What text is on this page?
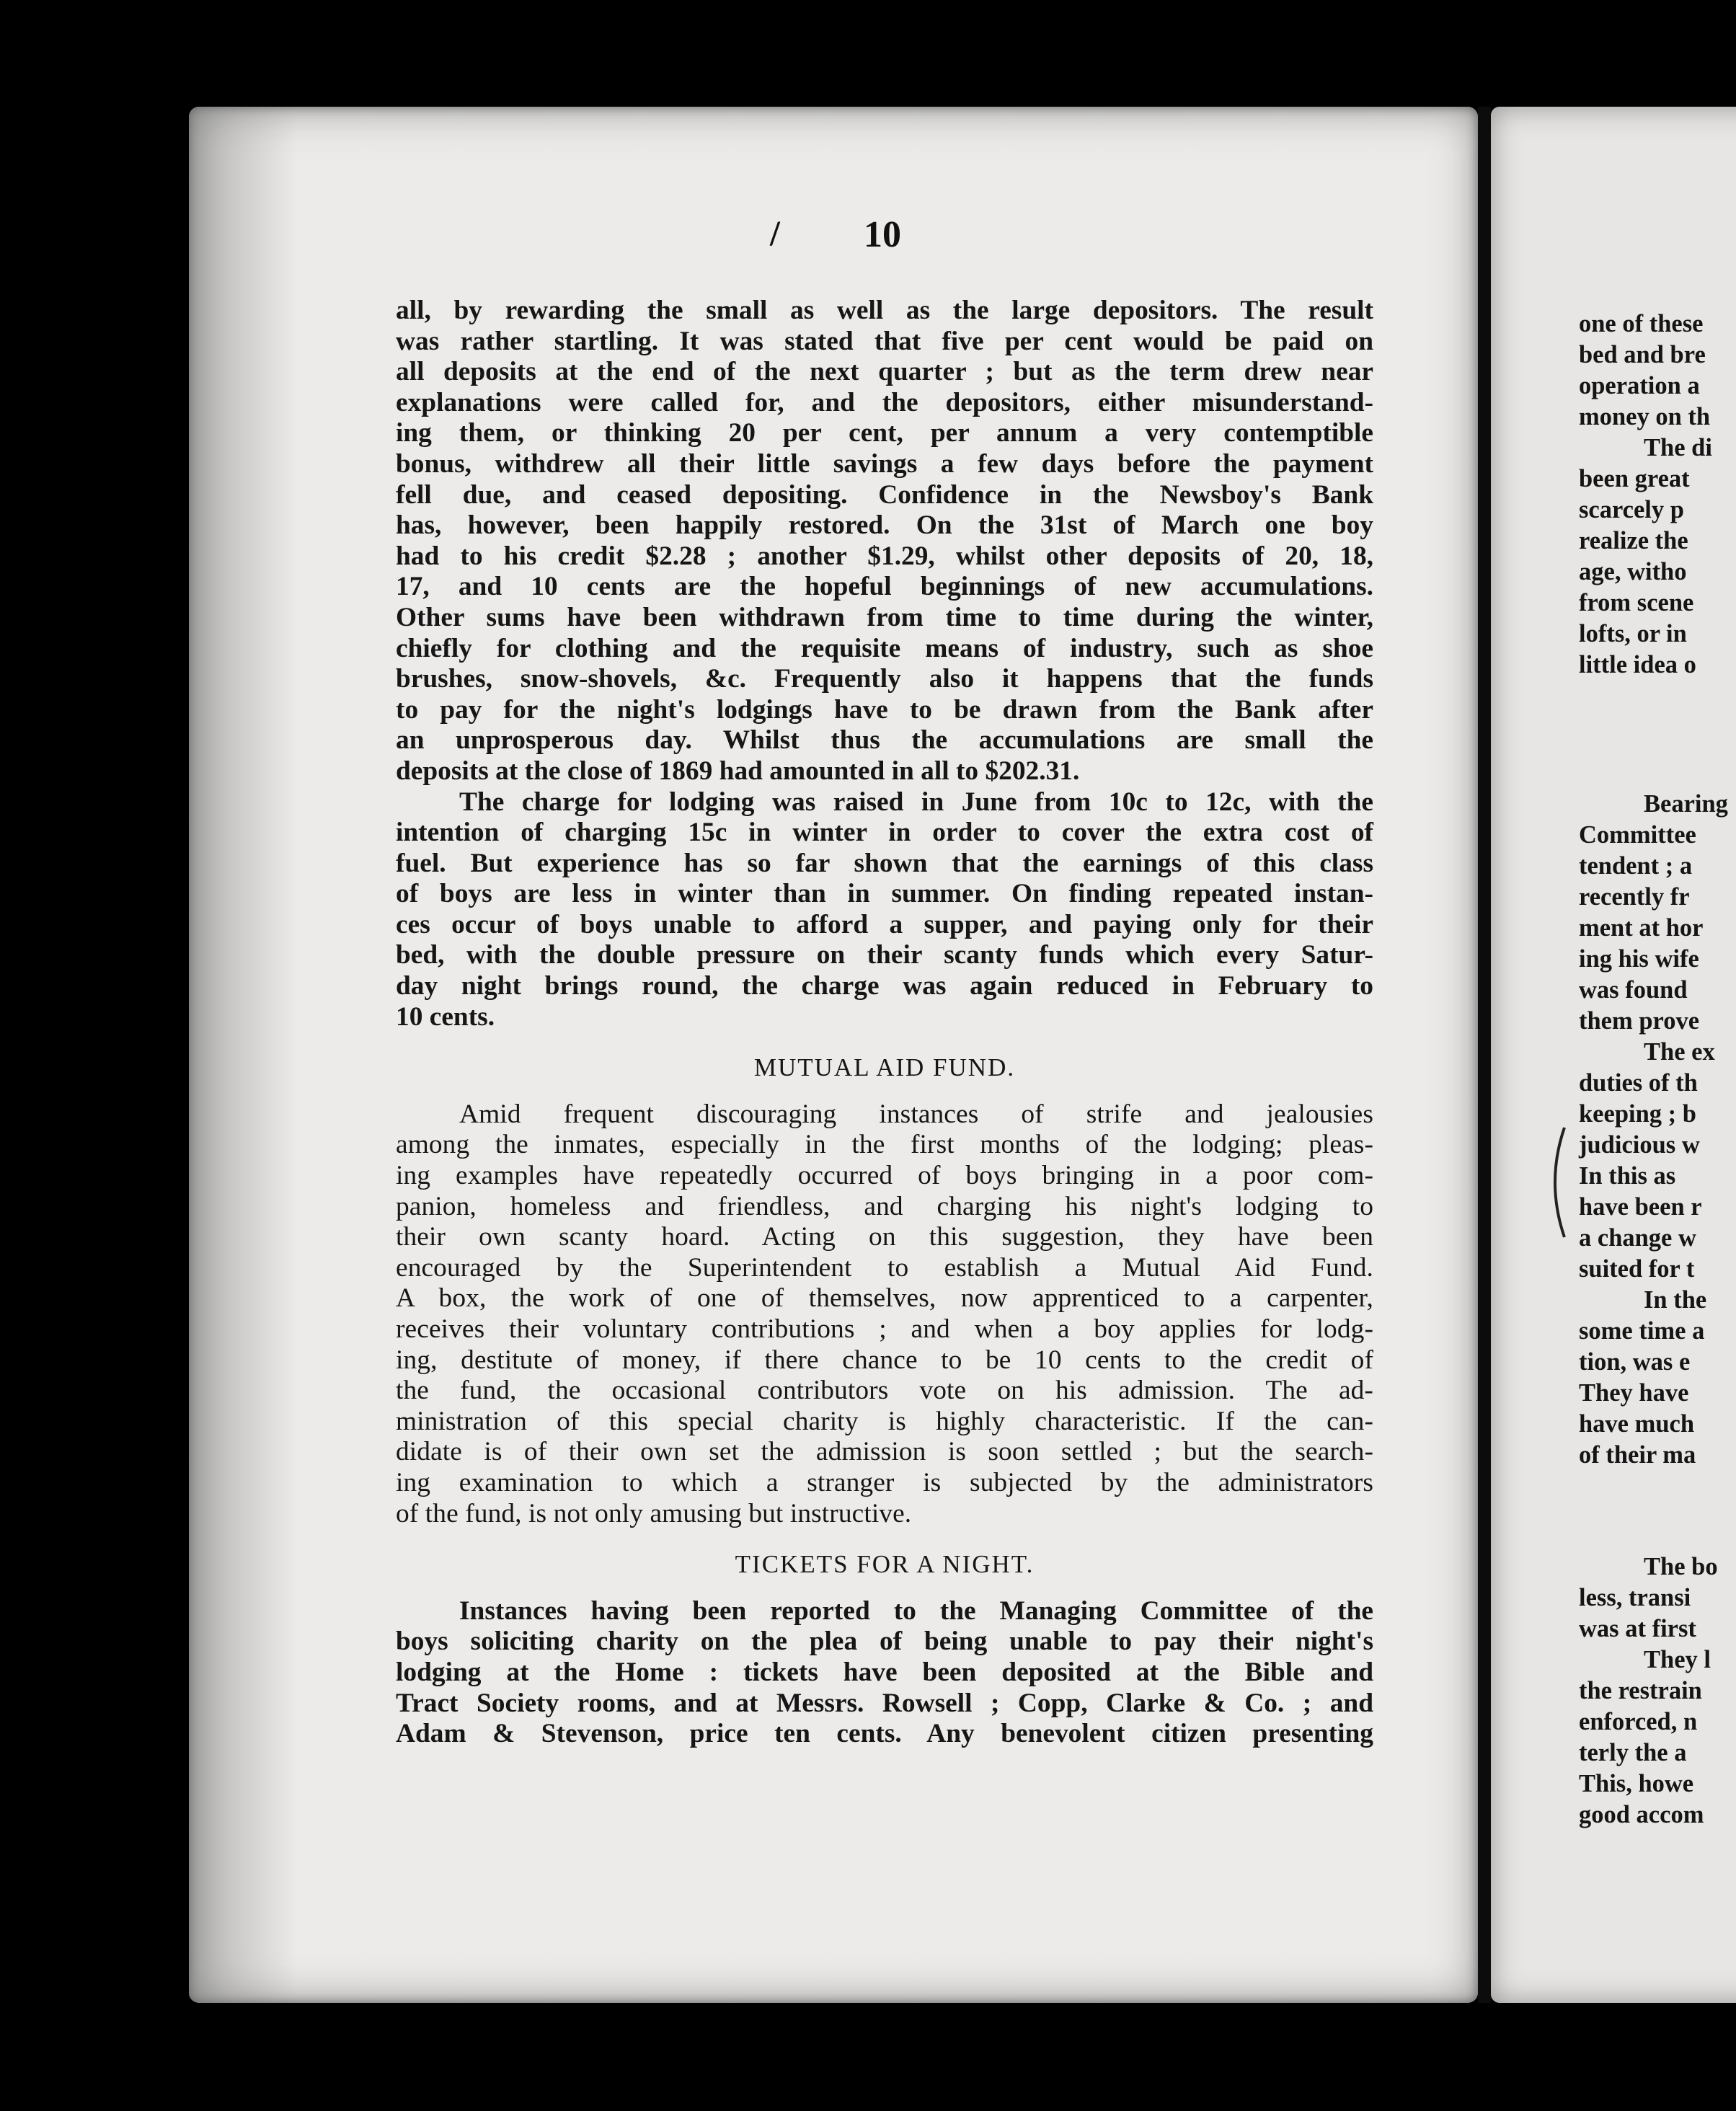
10
/
all, by rewarding the small as well as the large depositors. The result
was rather startling. It was stated that five per cent would be paid on
all deposits at the end of the next quarter ; but as the term drew near
explanations were called for, and the depositors, either misunderstand-
ing them, or thinking 20 per cent, per annum a very contemptible
bonus, withdrew all their little savings a few days before the payment
fell due, and ceased depositing. Confidence in the Newsboy's Bank
has, however, been happily restored. On the 31st of March one boy
had to his credit $2.28 ; another $1.29, whilst other deposits of 20, 18,
17, and 10 cents are the hopeful beginnings of new accumulations.
Other sums have been withdrawn from time to time during the winter,
chiefly for clothing and the requisite means of industry, such as shoe
brushes, snow-shovels, &c. Frequently also it happens that the funds
to pay for the night's lodgings have to be drawn from the Bank after
an unprosperous day. Whilst thus the accumulations are small the
deposits at the close of 1869 had amounted in all to $202.31.
The charge for lodging was raised in June from 10c to 12c, with the
intention of charging 15c in winter in order to cover the extra cost of
fuel. But experience has so far shown that the earnings of this class
of boys are less in winter than in summer. On finding repeated instan-
ces occur of boys unable to afford a supper, and paying only for their
bed, with the double pressure on their scanty funds which every Satur-
day night brings round, the charge was again reduced in February to
10 cents.
MUTUAL AID FUND.
Amid frequent discouraging instances of strife and jealousies
among the inmates, especially in the first months of the lodging; pleas-
ing examples have repeatedly occurred of boys bringing in a poor com-
panion, homeless and friendless, and charging his night's lodging to
their own scanty hoard. Acting on this suggestion, they have been
encouraged by the Superintendent to establish a Mutual Aid Fund.
A box, the work of one of themselves, now apprenticed to a carpenter,
receives their voluntary contributions ; and when a boy applies for lodg-
ing, destitute of money, if there chance to be 10 cents to the credit of
the fund, the occasional contributors vote on his admission. The ad-
ministration of this special charity is highly characteristic. If the can-
didate is of their own set the admission is soon settled ; but the search-
ing examination to which a stranger is subjected by the administrators
of the fund, is not only amusing but instructive.
TICKETS FOR A NIGHT.
Instances having been reported to the Managing Committee of the
boys soliciting charity on the plea of being unable to pay their night's
lodging at the Home : tickets have been deposited at the Bible and
Tract Society rooms, and at Messrs. Rowsell ; Copp, Clarke & Co. ; and
Adam & Stevenson, price ten cents. Any benevolent citizen presenting
one of these
bed and bre
operation a
money on th
The di
been great
scarcely p
realize the
age, witho
from scene
lofts, or in
little idea o
Bearing
Committee
tendent ; a
recently fr
ment at hor
ing his wife
was found
them prove
The ex
duties of th
keeping ; b
judicious w
In this as
have been r
a change w
suited for t
In the
some time a
tion, was e
They have
have much
of their ma
The bo
less, transi
was at first
They l
the restrain
enforced, n
terly the a
This, howe
good accom
